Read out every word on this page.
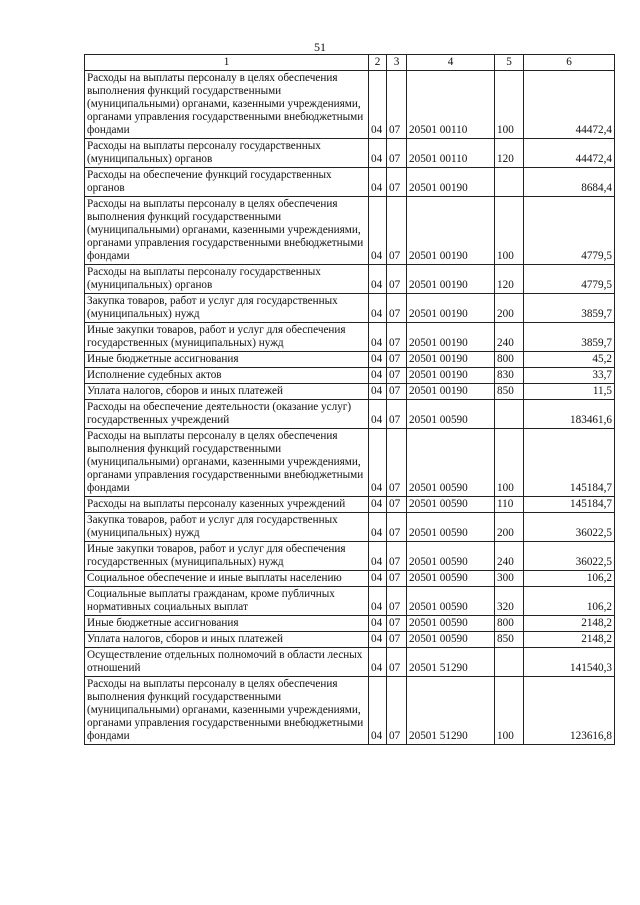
51
1	2	3	4	5	6
Расходы на выплаты персоналу в целях обеспечения выполнения функций государственными (муниципальными) органами, казенными учреждениями, органами управления государственными внебюджетными фондами	04	07	20501 00110	100	44472,4
Расходы на выплаты персоналу государственных (муниципальных) органов	04	07	20501 00110	120	44472,4
Расходы на обеспечение функций государственных органов	04	07	20501 00190		8684,4
Расходы на выплаты персоналу в целях обеспечения выполнения функций государственными (муниципальными) органами, казенными учреждениями, органами управления государственными внебюджетными фондами	04	07	20501 00190	100	4779,5
Расходы на выплаты персоналу государственных (муниципальных) органов	04	07	20501 00190	120	4779,5
Закупка товаров, работ и услуг для государственных (муниципальных) нужд	04	07	20501 00190	200	3859,7
Иные закупки товаров, работ и услуг для обеспечения государственных (муниципальных) нужд	04	07	20501 00190	240	3859,7
Иные бюджетные ассигнования	04	07	20501 00190	800	45,2
Исполнение судебных актов	04	07	20501 00190	830	33,7
Уплата налогов, сборов и иных платежей	04	07	20501 00190	850	11,5
Расходы на обеспечение деятельности (оказание услуг) государственных учреждений	04	07	20501 00590		183461,6
Расходы на выплаты персоналу в целях обеспечения выполнения функций государственными (муниципальными) органами, казенными учреждениями, органами управления государственными внебюджетными фондами	04	07	20501 00590	100	145184,7
Расходы на выплаты персоналу казенных учреждений	04	07	20501 00590	110	145184,7
Закупка товаров, работ и услуг для государственных (муниципальных) нужд	04	07	20501 00590	200	36022,5
Иные закупки товаров, работ и услуг для обеспечения государственных (муниципальных) нужд	04	07	20501 00590	240	36022,5
Социальное обеспечение и иные выплаты населению	04	07	20501 00590	300	106,2
Социальные выплаты гражданам, кроме публичных нормативных социальных выплат	04	07	20501 00590	320	106,2
Иные бюджетные ассигнования	04	07	20501 00590	800	2148,2
Уплата налогов, сборов и иных платежей	04	07	20501 00590	850	2148,2
Осуществление отдельных полномочий в области лесных отношений	04	07	20501 51290		141540,3
Расходы на выплаты персоналу в целях обеспечения выполнения функций государственными (муниципальными) органами, казенными учреждениями, органами управления государственными внебюджетными фондами	04	07	20501 51290	100	123616,8
